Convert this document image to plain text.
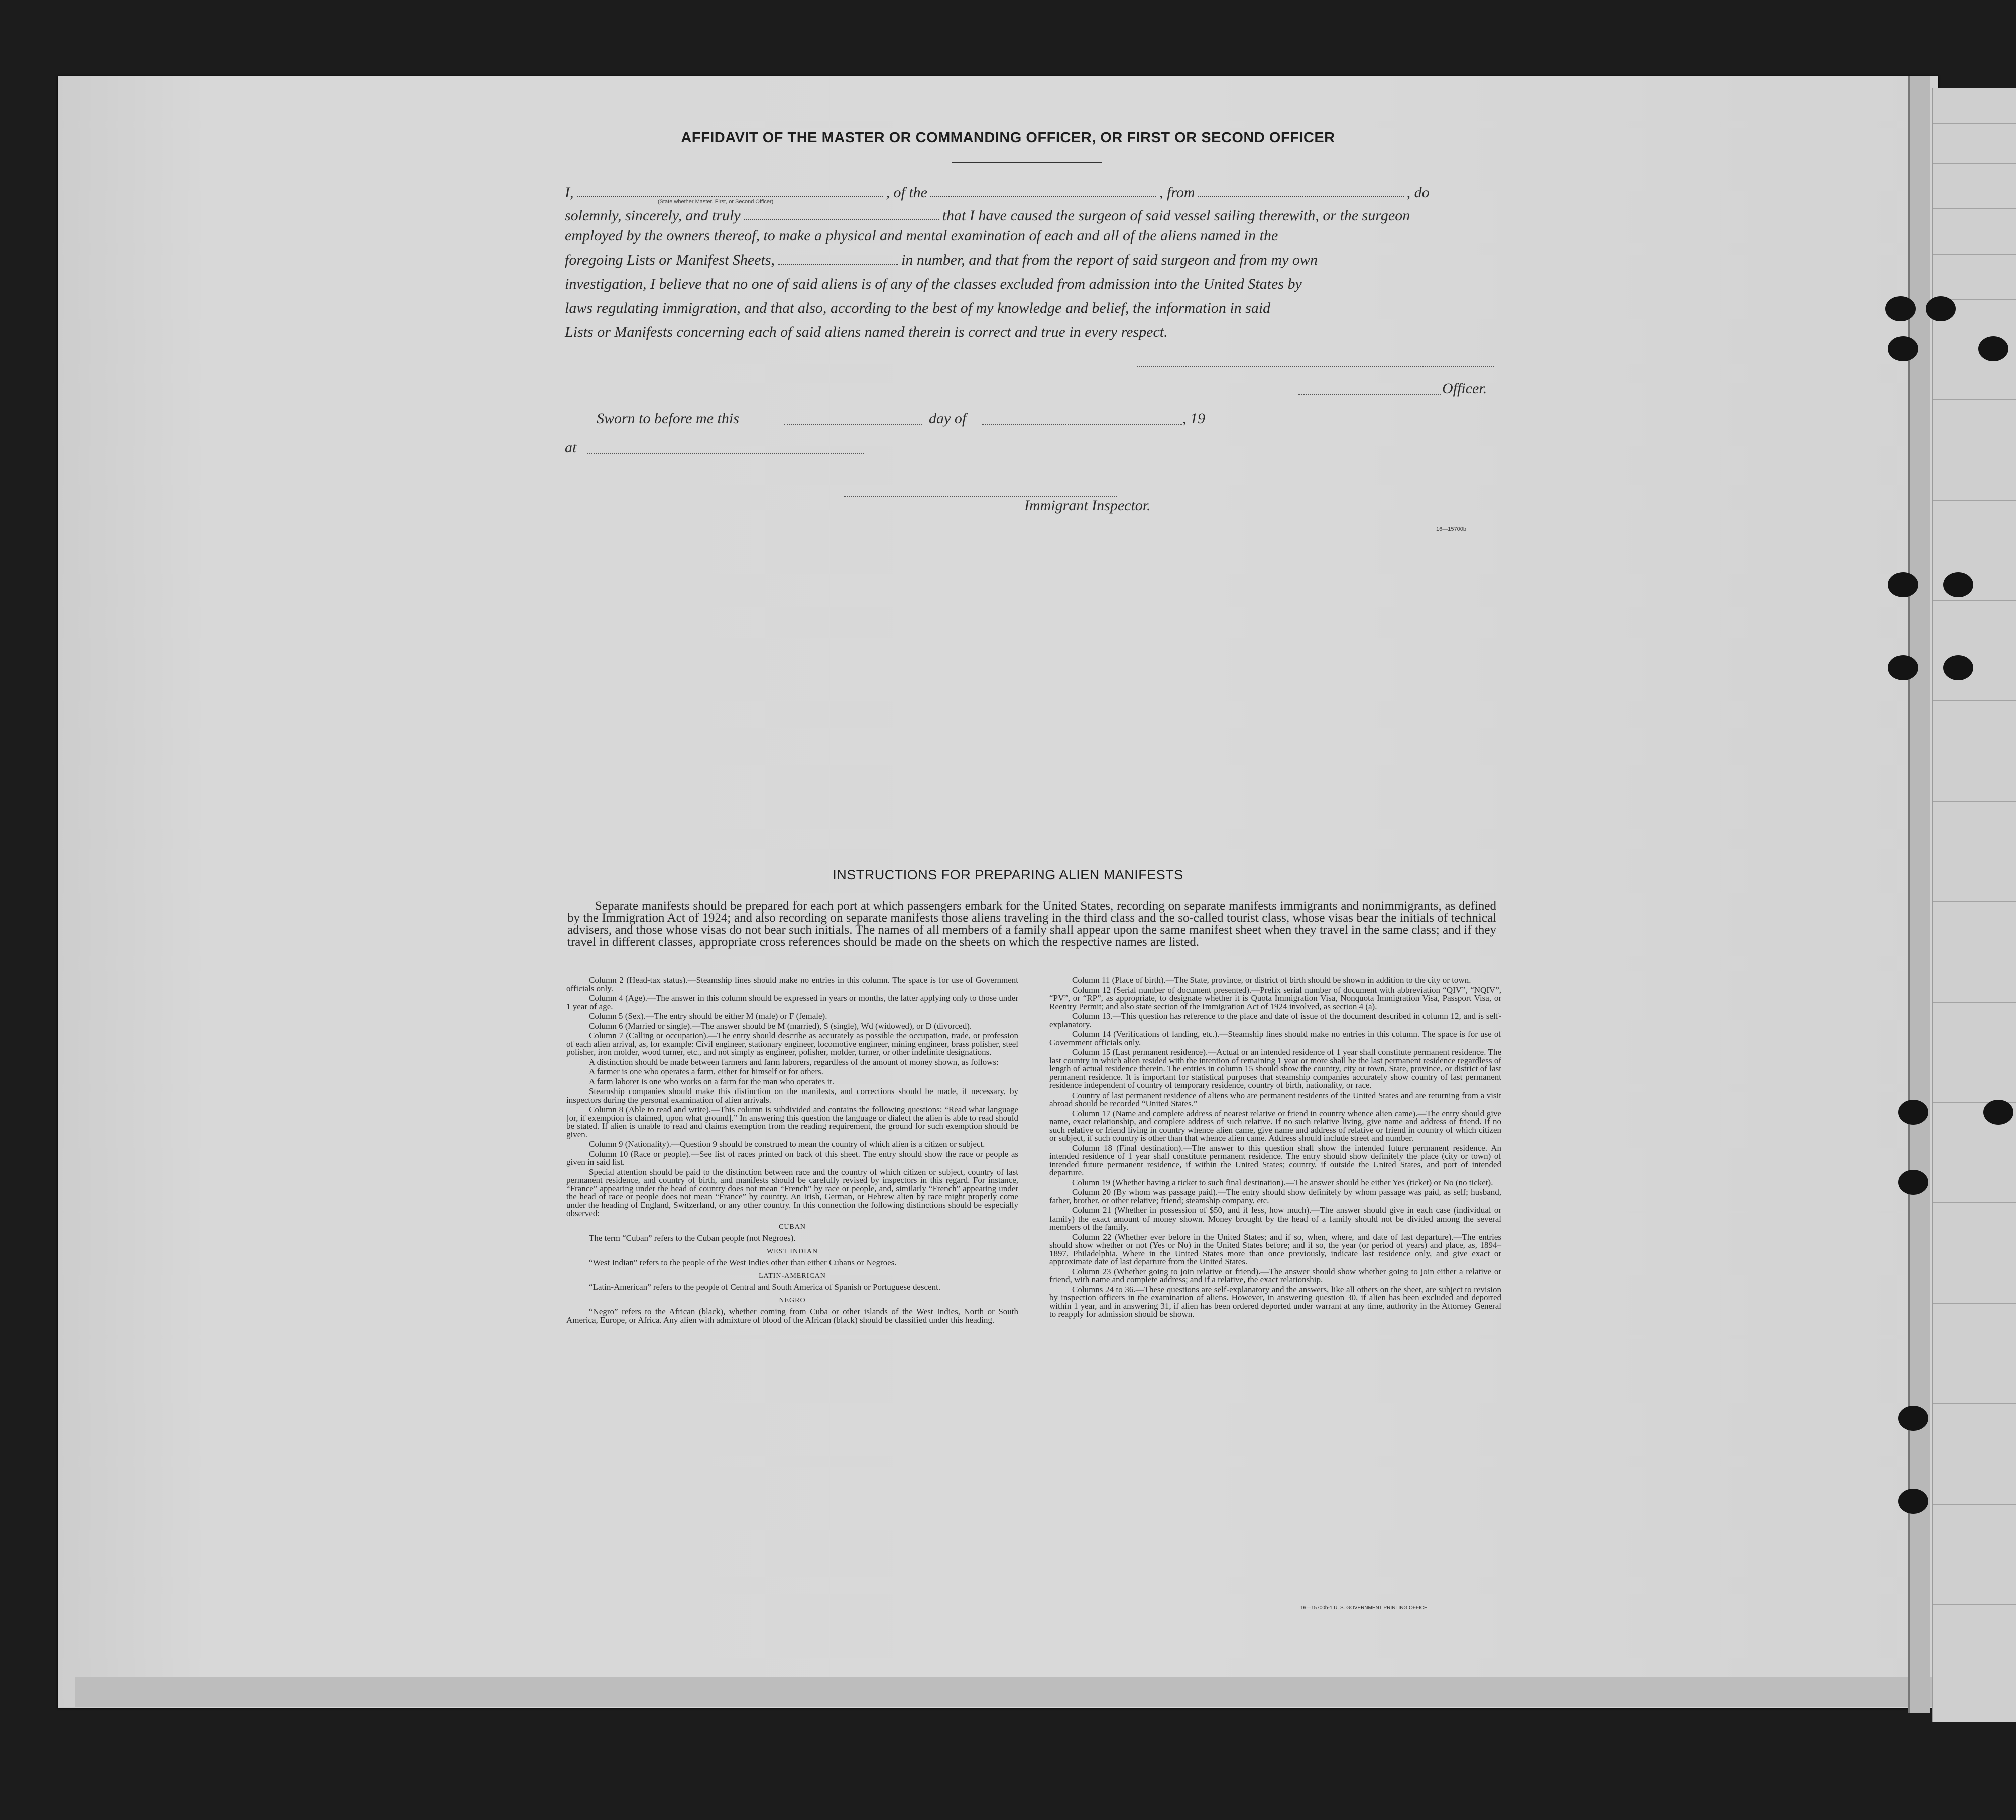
AFFIDAVIT OF THE MASTER OR COMMANDING OFFICER, OR FIRST OR SECOND OFFICER
I,	, of the	, from	, do
(State whether Master, First, or Second Officer)
solemnly, sincerely, and truly	that I have caused the surgeon of said vessel sailing therewith, or the surgeon
employed by the owners thereof, to make a physical and mental examination of each and all of the aliens named in the
foregoing Lists or Manifest Sheets,	in number, and that from the report of said surgeon and from my own
investigation, I believe that no one of said aliens is of any of the classes excluded from admission into the United States by
laws regulating immigration, and that also, according to the best of my knowledge and belief, the information in said
Lists or Manifests concerning each of said aliens named therein is correct and true in every respect.
Officer.
Sworn to before me this	day of	, 19
at
Immigrant Inspector.
16—15700b
INSTRUCTIONS FOR PREPARING ALIEN MANIFESTS
Separate manifests should be prepared for each port at which passengers embark for the United States, recording on separate manifests immigrants and nonimmigrants, as defined by the Immigration Act of 1924; and also recording on separate manifests those aliens traveling in the third class and the so-called tourist class, whose visas bear the initials of technical advisers, and those whose visas do not bear such initials. The names of all members of a family shall appear upon the same manifest sheet when they travel in the same class; and if they travel in different classes, appropriate cross references should be made on the sheets on which the respective names are listed.

Column 2 (Head-tax status).—Steamship lines should make no entries in this column. The space is for use of Government officials only.

Column 4 (Age).—The answer in this column should be expressed in years or months, the latter applying only to those under 1 year of age.

Column 5 (Sex).—The entry should be either M (male) or F (female).

Column 6 (Married or single).—The answer should be M (married), S (single), Wd (widowed), or D (divorced).

Column 7 (Calling or occupation).—The entry should describe as accurately as possible the occupation, trade, or profession of each alien arrival, as, for example: Civil engineer, stationary engineer, locomotive engineer, mining engineer, brass polisher, steel polisher, iron molder, wood turner, etc., and not simply as engineer, polisher, molder, turner, or other indefinite designations.

A distinction should be made between farmers and farm laborers, regardless of the amount of money shown, as follows:

A farmer is one who operates a farm, either for himself or for others.

A farm laborer is one who works on a farm for the man who operates it.

Steamship companies should make this distinction on the manifests, and corrections should be made, if necessary, by inspectors during the personal examination of alien arrivals.

Column 8 (Able to read and write).—This column is subdivided and contains the following questions: “Read what language [or, if exemption is claimed, upon what ground].” In answering this question the language or dialect the alien is able to read should be stated. If alien is unable to read and claims exemption from the reading requirement, the ground for such exemption should be given.

Column 9 (Nationality).—Question 9 should be construed to mean the country of which alien is a citizen or subject.

Column 10 (Race or people).—See list of races printed on back of this sheet. The entry should show the race or people as given in said list.

Special attention should be paid to the distinction between race and the country of which citizen or subject, country of last permanent residence, and country of birth, and manifests should be carefully revised by inspectors in this regard. For instance, “France” appearing under the head of country does not mean “French” by race or people, and, similarly “French” appearing under the head of race or people does not mean “France” by country. An Irish, German, or Hebrew alien by race might properly come under the heading of England, Switzerland, or any other country. In this connection the following distinctions should be especially observed:

CUBAN

The term “Cuban” refers to the Cuban people (not Negroes).

WEST INDIAN

“West Indian” refers to the people of the West Indies other than either Cubans or Negroes.

LATIN-AMERICAN

“Latin-American” refers to the people of Central and South America of Spanish or Portuguese descent.

NEGRO

“Negro” refers to the African (black), whether coming from Cuba or other islands of the West Indies, North or South America, Europe, or Africa. Any alien with admixture of blood of the African (black) should be classified under this heading.

Column 11 (Place of birth).—The State, province, or district of birth should be shown in addition to the city or town.

Column 12 (Serial number of document presented).—Prefix serial number of document with abbreviation “QIV”, “NQIV”, “PV”, or “RP”, as appropriate, to designate whether it is Quota Immigration Visa, Nonquota Immigration Visa, Passport Visa, or Reentry Permit; and also state section of the Immigration Act of 1924 involved, as section 4 (a).

Column 13.—This question has reference to the place and date of issue of the document described in column 12, and is self-explanatory.

Column 14 (Verifications of landing, etc.).—Steamship lines should make no entries in this column. The space is for use of Government officials only.

Column 15 (Last permanent residence).—Actual or an intended residence of 1 year shall constitute permanent residence. The last country in which alien resided with the intention of remaining 1 year or more shall be the last permanent residence regardless of length of actual residence therein. The entries in column 15 should show the country, city or town, State, province, or district of last permanent residence. It is important for statistical purposes that steamship companies accurately show country of last permanent residence independent of country of temporary residence, country of birth, nationality, or race.

Country of last permanent residence of aliens who are permanent residents of the United States and are returning from a visit abroad should be recorded “United States.”

Column 17 (Name and complete address of nearest relative or friend in country whence alien came).—The entry should give name, exact relationship, and complete address of such relative. If no such relative living, give name and address of friend. If no such relative or friend living in country whence alien came, give name and address of relative or friend in country of which citizen or subject, if such country is other than that whence alien came. Address should include street and number.

Column 18 (Final destination).—The answer to this question shall show the intended future permanent residence. An intended residence of 1 year shall constitute permanent residence. The entry should show definitely the place (city or town) of intended future permanent residence, if within the United States; country, if outside the United States, and port of intended departure.

Column 19 (Whether having a ticket to such final destination).—The answer should be either Yes (ticket) or No (no ticket).

Column 20 (By whom was passage paid).—The entry should show definitely by whom passage was paid, as self; husband, father, brother, or other relative; friend; steamship company, etc.

Column 21 (Whether in possession of $50, and if less, how much).—The answer should give in each case (individual or family) the exact amount of money shown. Money brought by the head of a family should not be divided among the several members of the family.

Column 22 (Whether ever before in the United States; and if so, when, where, and date of last departure).—The entries should show whether or not (Yes or No) in the United States before; and if so, the year (or period of years) and place, as, 1894–1897, Philadelphia. Where in the United States more than once previously, indicate last residence only, and give exact or approximate date of last departure from the United States.

Column 23 (Whether going to join relative or friend).—The answer should show whether going to join either a relative or friend, with name and complete address; and if a relative, the exact relationship.

Columns 24 to 36.—These questions are self-explanatory and the answers, like all others on the sheet, are subject to revision by inspection officers in the examination of aliens. However, in answering question 30, if alien has been excluded and deported within 1 year, and in answering 31, if alien has been ordered deported under warrant at any time, authority in the Attorney General to reapply for admission should be shown.

16—15700b-1 U. S. GOVERNMENT PRINTING OFFICE
